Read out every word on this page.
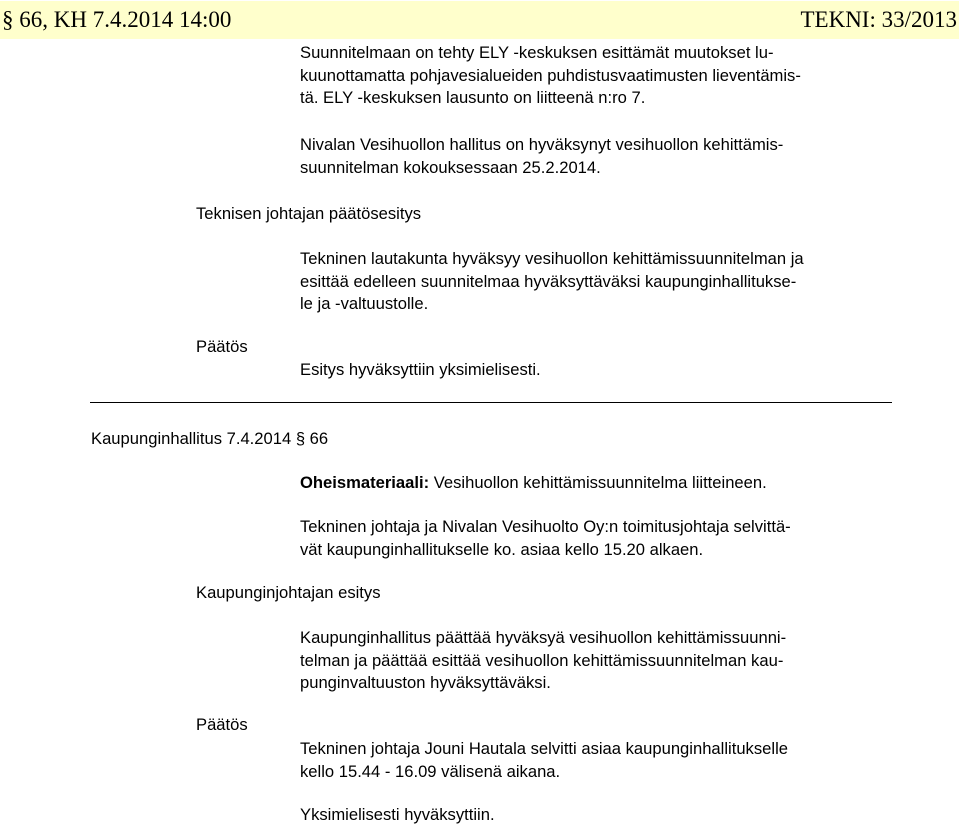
§ 66, KH 7.4.2014 14:00	TEKNI: 33/2013
Suunnitelmaan on tehty ELY -keskuksen esittämät muutokset lu-
kuunottamatta pohjavesialueiden puhdistusvaatimusten lieventämis-
tä. ELY -keskuksen lausunto on liitteenä n:ro 7.
Nivalan Vesihuollon hallitus on hyväksynyt vesihuollon kehittämis-
suunnitelman kokouksessaan 25.2.2014.
Teknisen johtajan päätösesitys
Tekninen lautakunta hyväksyy vesihuollon kehittämissuunnitelman ja
esittää edelleen suunnitelmaa hyväksyttäväksi kaupunginhallitukse-
le ja -valtuustolle.
Päätös
Esitys hyväksyttiin yksimielisesti.
Kaupunginhallitus 7.4.2014 § 66
Oheismateriaali: Vesihuollon kehittämissuunnitelma liitteineen.
Tekninen johtaja ja Nivalan Vesihuolto Oy:n toimitusjohtaja selvittä-
vät kaupunginhallitukselle ko. asiaa kello 15.20 alkaen.
Kaupunginjohtajan esitys
Kaupunginhallitus päättää hyväksyä vesihuollon kehittämissuunni-
telman ja päättää esittää vesihuollon kehittämissuunnitelman kau-
punginvaltuuston hyväksyttäväksi.
Päätös
Tekninen johtaja Jouni Hautala selvitti asiaa kaupunginhallitukselle
kello 15.44 - 16.09 välisenä aikana.
Yksimielisesti hyväksyttiin.
